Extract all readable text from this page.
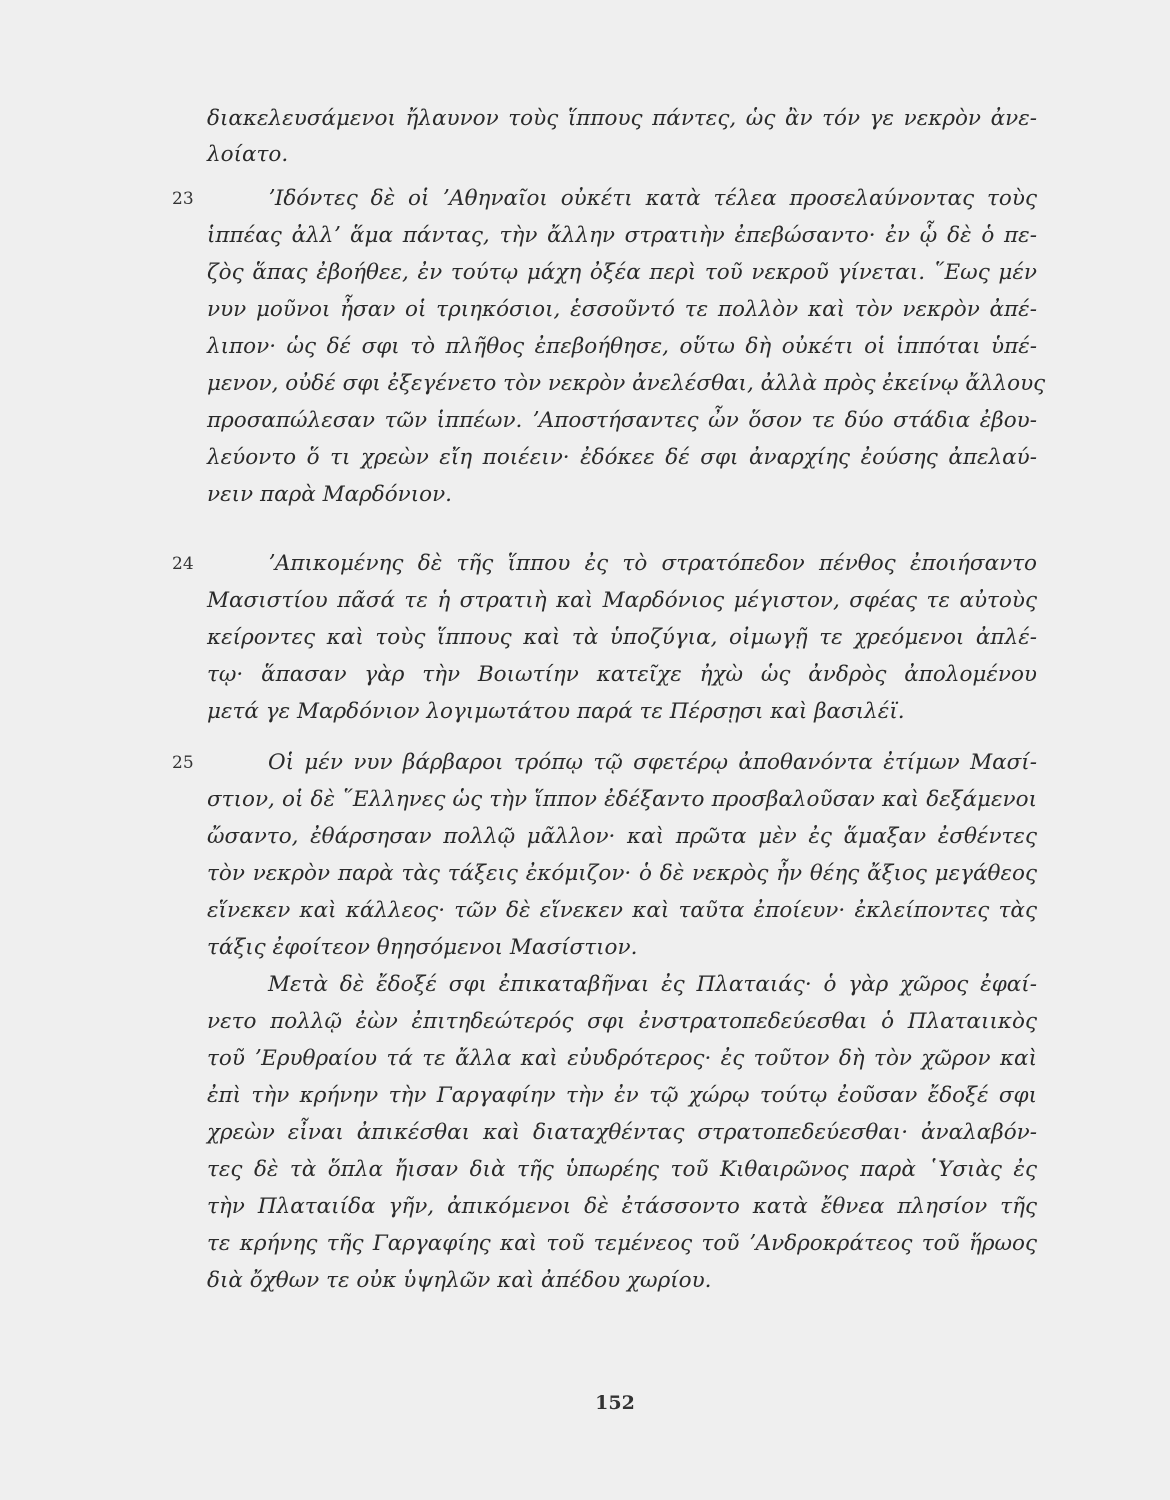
διακελευσάμενοι ἤλαυνον τοὺς ἵππους πάντες, ὡς ἂν τόν γε νεκρὸν ἀνε-
λοίατο.
23	ʼΙδόντες δὲ οἱ ʼΑθηναῖοι οὐκέτι κατὰ τέλεα προσελαύνοντας τοὺς
ἱππέας ἀλλʼ ἅμα πάντας, τὴν ἄλλην στρατιὴν ἐπεβώσαντο· ἐν ᾧ δὲ ὁ πε-
ζὸς ἅπας ἐβοήθεε, ἐν τούτῳ μάχη ὀξέα περὶ τοῦ νεκροῦ γίνεται. ῞Εως μέν
νυν μοῦνοι ἦσαν οἱ τριηκόσιοι, ἑσσοῦντό τε πολλὸν καὶ τὸν νεκρὸν ἀπέ-
λιπον· ὡς δέ σφι τὸ πλῆθος ἐπεβοήθησε, οὕτω δὴ οὐκέτι οἱ ἱππόται ὑπέ-
μενον, οὐδέ σφι ἐξεγένετο τὸν νεκρὸν ἀνελέσθαι, ἀλλὰ πρὸς ἐκείνῳ ἄλλους
προσαπώλεσαν τῶν ἱππέων. ʼΑποστήσαντες ὦν ὅσον τε δύο στάδια ἐβου-
λεύοντο ὅ τι χρεὼν εἴη ποιέειν· ἐδόκεε δέ σφι ἀναρχίης ἐούσης ἀπελαύ-
νειν παρὰ Μαρδόνιον.
24	ʼΑπικομένης δὲ τῆς ἵππου ἐς τὸ στρατόπεδον πένθος ἐποιήσαντο
Μασιστίου πᾶσά τε ἡ στρατιὴ καὶ Μαρδόνιος μέγιστον, σφέας τε αὐτοὺς
κείροντες καὶ τοὺς ἵππους καὶ τὰ ὑποζύγια, οἰμωγῇ τε χρεόμενοι ἀπλέ-
τῳ· ἅπασαν γὰρ τὴν Βοιωτίην κατεῖχε ἠχὼ ὡς ἀνδρὸς ἀπολομένου
μετά γε Μαρδόνιον λογιμωτάτου παρά τε Πέρσῃσι καὶ βασιλέϊ.
25	Οἱ μέν νυν βάρβαροι τρόπῳ τῷ σφετέρῳ ἀποθανόντα ἐτίμων Μασί-
στιον, οἱ δὲ ῞Ελληνες ὡς τὴν ἵππον ἐδέξαντο προσβαλοῦσαν καὶ δεξάμενοι
ὤσαντο, ἐθάρσησαν πολλῷ μᾶλλον· καὶ πρῶτα μὲν ἐς ἅμαξαν ἐσθέντες
τὸν νεκρὸν παρὰ τὰς τάξεις ἐκόμιζον· ὁ δὲ νεκρὸς ἦν θέης ἄξιος μεγάθεος
εἵνεκεν καὶ κάλλεος· τῶν δὲ εἵνεκεν καὶ ταῦτα ἐποίευν· ἐκλείποντες τὰς
τάξις ἐφοίτεον θηησόμενοι Μασίστιον.
Μετὰ δὲ ἔδοξέ σφι ἐπικαταβῆναι ἐς Πλαταιάς· ὁ γὰρ χῶρος ἐφαί-
νετο πολλῷ ἐὼν ἐπιτηδεώτερός σφι ἐνστρατοπεδεύεσθαι ὁ Πλαταιικὸς
τοῦ ʼΕρυθραίου τά τε ἄλλα καὶ εὐυδρότερος· ἐς τοῦτον δὴ τὸν χῶρον καὶ
ἐπὶ τὴν κρήνην τὴν Γαργαφίην τὴν ἐν τῷ χώρῳ τούτῳ ἐοῦσαν ἔδοξέ σφι
χρεὼν εἶναι ἀπικέσθαι καὶ διαταχθέντας στρατοπεδεύεσθαι· ἀναλαβόν-
τες δὲ τὰ ὅπλα ἤισαν διὰ τῆς ὑπωρέης τοῦ Κιθαιρῶνος παρὰ ῾Υσιὰς ἐς
τὴν Πλαταιίδα γῆν, ἀπικόμενοι δὲ ἐτάσσοντο κατὰ ἔθνεα πλησίον τῆς
τε κρήνης τῆς Γαργαφίης καὶ τοῦ τεμένεος τοῦ ʼΑνδροκράτεος τοῦ ἥρωος
διὰ ὄχθων τε οὐκ ὑψηλῶν καὶ ἀπέδου χωρίου.
152
